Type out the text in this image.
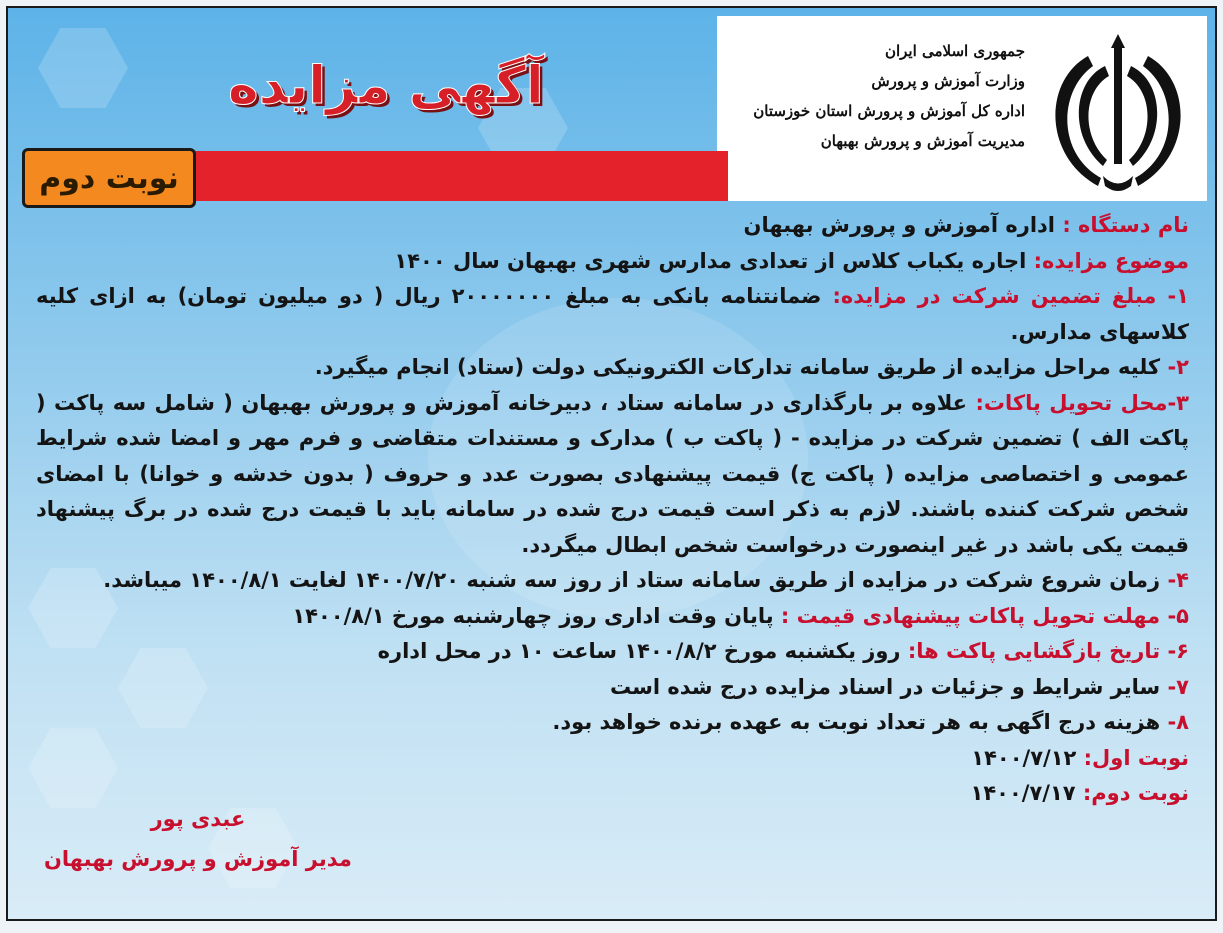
جمهوری اسلامی ایران
وزارت آموزش و پرورش
اداره کل آموزش و پرورش استان خوزستان
مدیریت آموزش و پرورش بهبهان
آگهی مزایده
نوبت دوم

نام دستگاه : اداره آموزش و پرورش بهبهان

موضوع مزایده: اجاره یکباب کلاس از تعدادی مدارس شهری بهبهان سال ۱۴۰۰

۱- مبلغ تضمین شرکت در مزایده: ضمانتنامه بانکی به مبلغ ۲۰۰۰۰۰۰۰ ریال ( دو میلیون تومان) به ازای کلیه کلاسهای مدارس.

۲- کلیه مراحل مزایده از طریق سامانه تدارکات الکترونیکی دولت (ستاد) انجام میگیرد.

۳-محل تحویل پاکات: علاوه بر بارگذاری در سامانه ستاد ، دبیرخانه آموزش و پرورش بهبهان ( شامل سه پاکت ( پاکت الف ) تضمین شرکت در مزایده - ( پاکت ب ) مدارک و مستندات متقاضی و فرم مهر و امضا شده شرایط عمومی و اختصاصی مزایده ( پاکت ج) قیمت پیشنهادی بصورت عدد و حروف ( بدون خدشه و خوانا) با امضای شخص شرکت کننده باشند. لازم به ذکر است قیمت درج شده در سامانه باید با قیمت درج شده در برگ پیشنهاد قیمت یکی باشد در غیر اینصورت درخواست شخص ابطال میگردد.

۴- زمان شروع شرکت در مزایده از طریق سامانه ستاد از روز سه شنبه ۱۴۰۰/۷/۲۰ لغایت ۱۴۰۰/۸/۱ میباشد.

۵- مهلت تحویل پاکات پیشنهادی قیمت : پایان وقت اداری روز چهارشنبه مورخ ۱۴۰۰/۸/۱

۶- تاریخ بازگشایی پاکت ها: روز یکشنبه مورخ ۱۴۰۰/۸/۲ ساعت ۱۰ در محل اداره

۷- سایر شرایط و جزئیات در اسناد مزایده درج شده است

۸- هزینه درج اگهی به هر تعداد نوبت به عهده برنده خواهد بود.

نوبت اول: ۱۴۰۰/۷/۱۲

نوبت دوم: ۱۴۰۰/۷/۱۷

عبدی پور
مدیر آموزش و پرورش بهبهان
